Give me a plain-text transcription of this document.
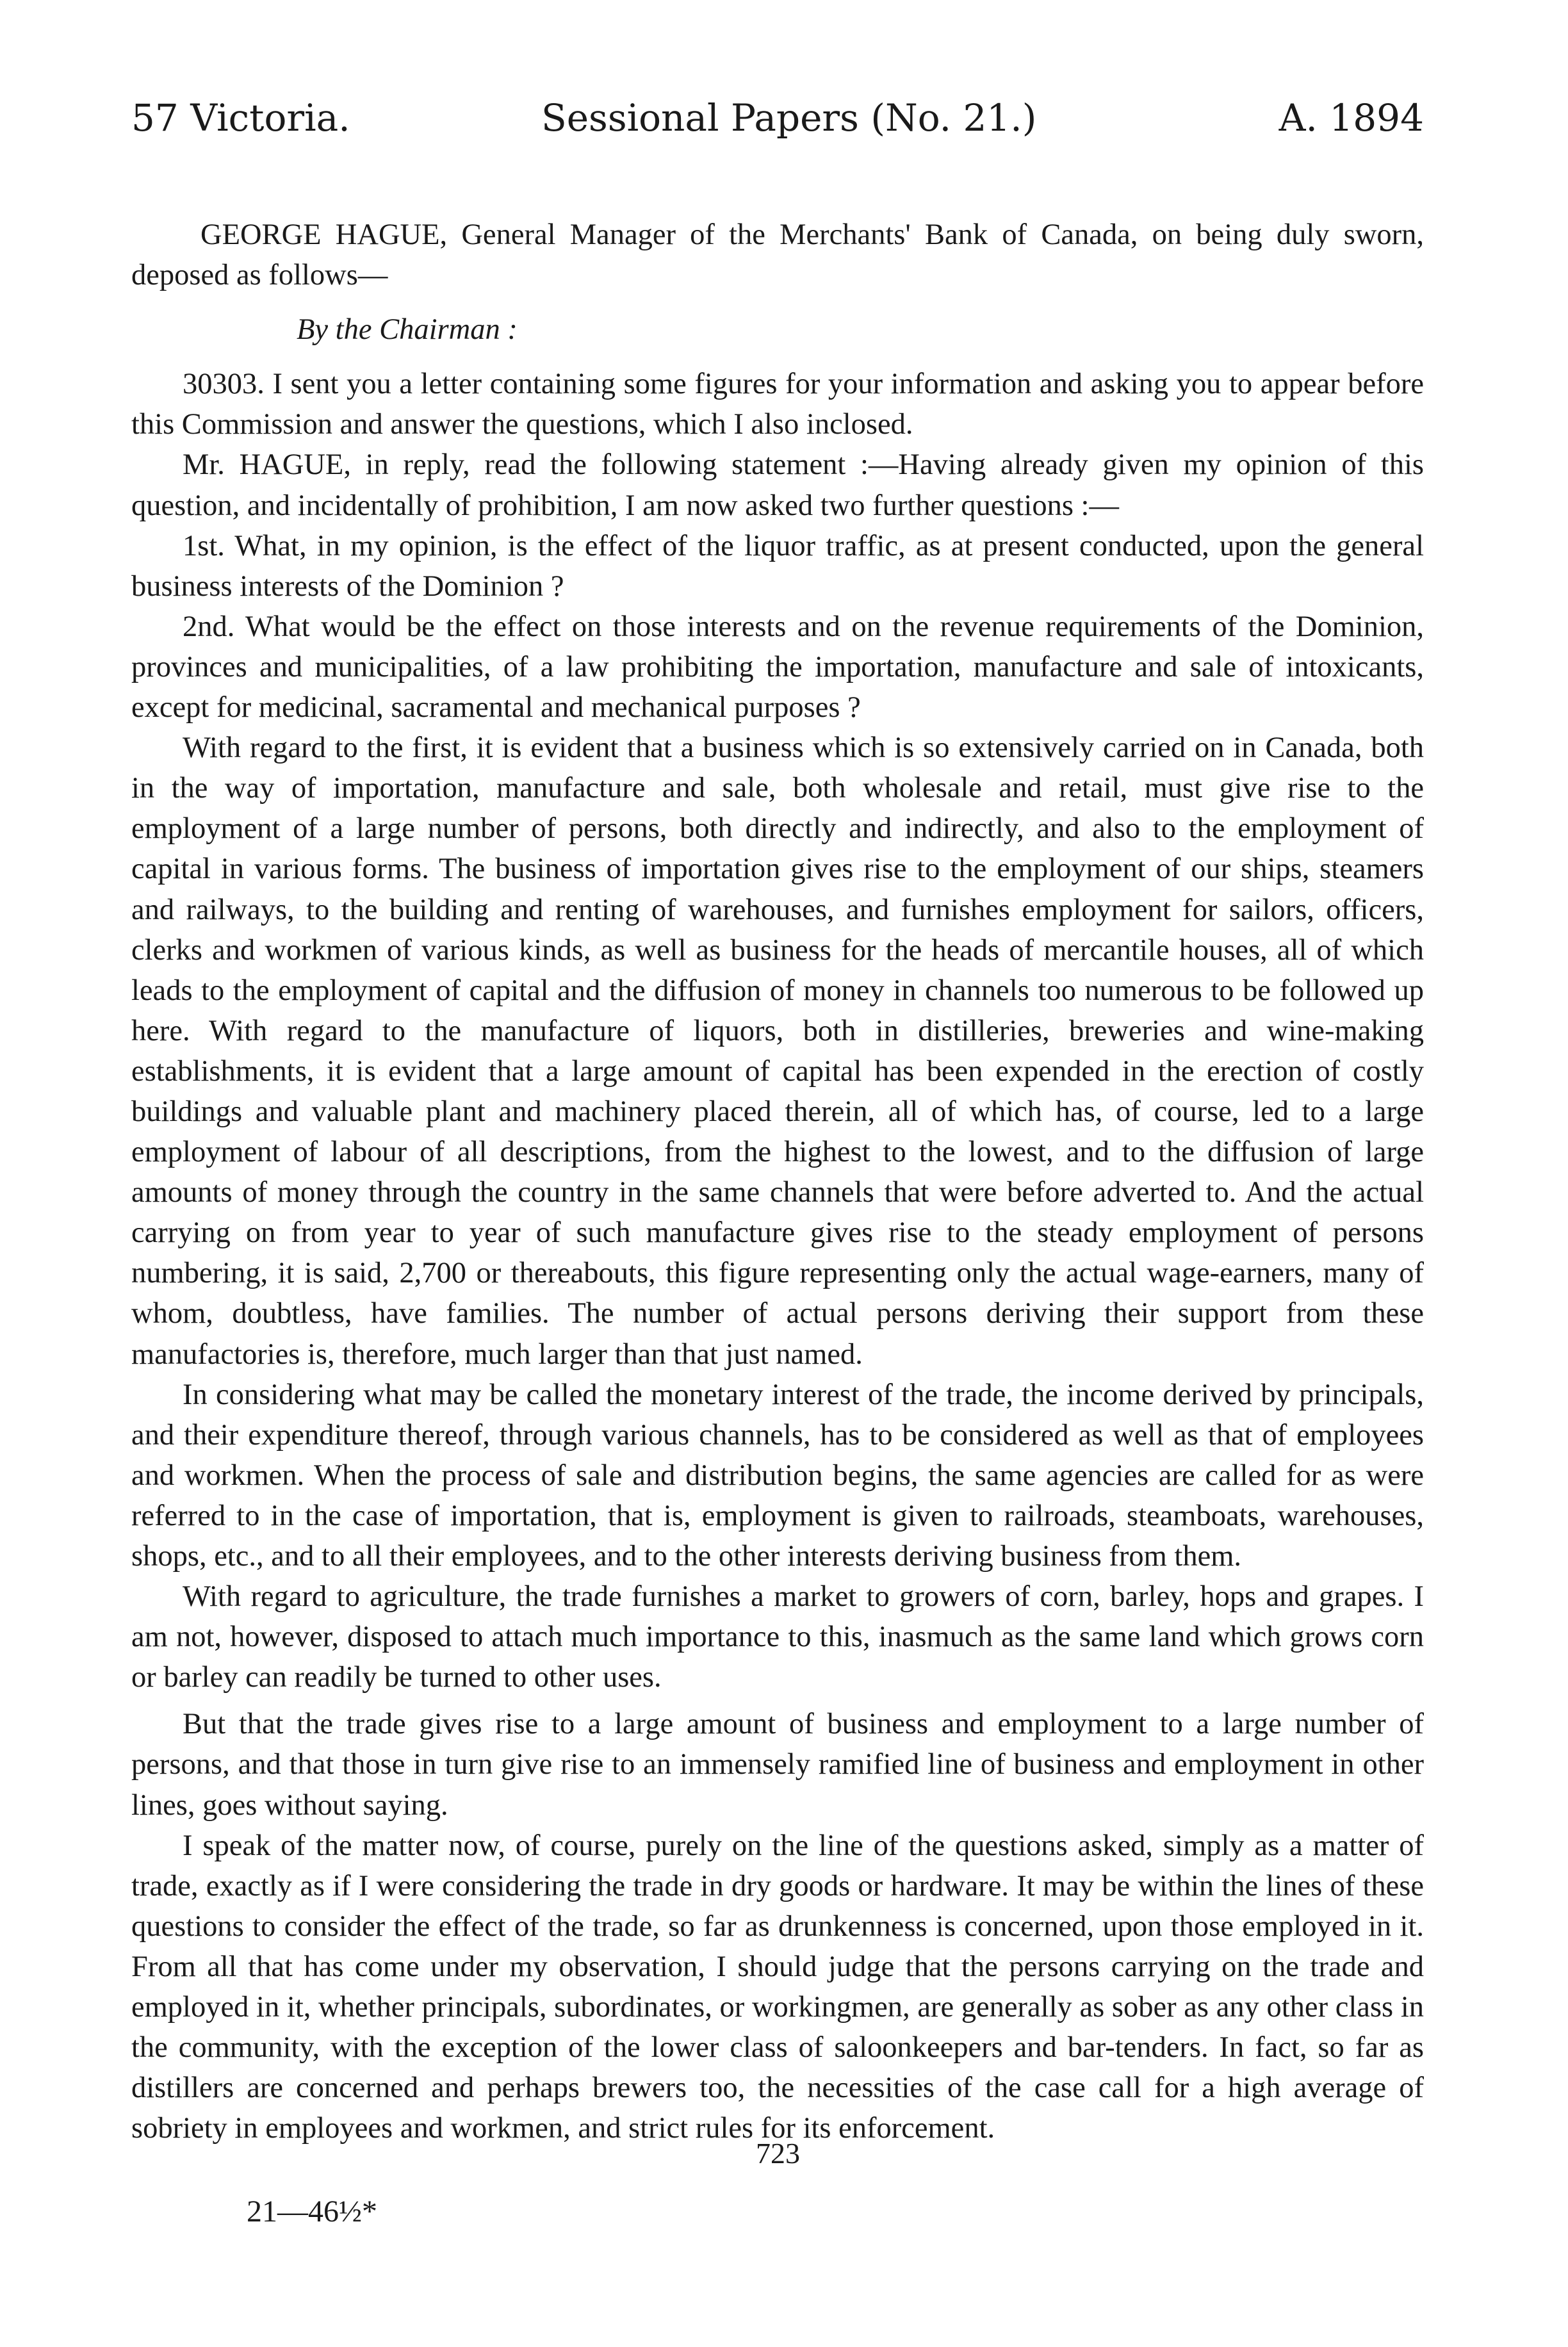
57 Victoria.	Sessional Papers (No. 21.)	A. 1894

GEORGE HAGUE, General Manager of the Merchants' Bank of Canada, on being duly sworn, deposed as follows—

By the Chairman :

30303. I sent you a letter containing some figures for your information and asking you to appear before this Commission and answer the questions, which I also inclosed.

Mr. HAGUE, in reply, read the following statement :—Having already given my opinion of this question, and incidentally of prohibition, I am now asked two further questions :—

1st. What, in my opinion, is the effect of the liquor traffic, as at present conducted, upon the general business interests of the Dominion ?

2nd. What would be the effect on those interests and on the revenue requirements of the Dominion, provinces and municipalities, of a law prohibiting the importation, manufacture and sale of intoxicants, except for medicinal, sacramental and mechanical purposes ?

With regard to the first, it is evident that a business which is so extensively carried on in Canada, both in the way of importation, manufacture and sale, both wholesale and retail, must give rise to the employment of a large number of persons, both directly and indirectly, and also to the employment of capital in various forms. The business of importation gives rise to the employment of our ships, steamers and railways, to the building and renting of warehouses, and furnishes employment for sailors, officers, clerks and workmen of various kinds, as well as business for the heads of mercantile houses, all of which leads to the employment of capital and the diffusion of money in channels too numerous to be followed up here. With regard to the manufacture of liquors, both in distilleries, breweries and wine-making establishments, it is evident that a large amount of capital has been expended in the erection of costly buildings and valuable plant and machinery placed therein, all of which has, of course, led to a large employment of labour of all descriptions, from the highest to the lowest, and to the diffusion of large amounts of money through the country in the same channels that were before adverted to. And the actual carrying on from year to year of such manufacture gives rise to the steady employment of persons numbering, it is said, 2,700 or thereabouts, this figure representing only the actual wage-earners, many of whom, doubtless, have families. The number of actual persons deriving their support from these manufactories is, therefore, much larger than that just named.

In considering what may be called the monetary interest of the trade, the income derived by principals, and their expenditure thereof, through various channels, has to be considered as well as that of employees and workmen. When the process of sale and distribution begins, the same agencies are called for as were referred to in the case of importation, that is, employment is given to railroads, steamboats, warehouses, shops, etc., and to all their employees, and to the other interests deriving business from them.

With regard to agriculture, the trade furnishes a market to growers of corn, barley, hops and grapes. I am not, however, disposed to attach much importance to this, inasmuch as the same land which grows corn or barley can readily be turned to other uses.

But that the trade gives rise to a large amount of business and employment to a large number of persons, and that those in turn give rise to an immensely ramified line of business and employment in other lines, goes without saying.

I speak of the matter now, of course, purely on the line of the questions asked, simply as a matter of trade, exactly as if I were considering the trade in dry goods or hardware. It may be within the lines of these questions to consider the effect of the trade, so far as drunkenness is concerned, upon those employed in it. From all that has come under my observation, I should judge that the persons carrying on the trade and employed in it, whether principals, subordinates, or workingmen, are generally as sober as any other class in the community, with the exception of the lower class of saloonkeepers and bar-tenders. In fact, so far as distillers are concerned and perhaps brewers too, the necessities of the case call for a high average of sobriety in employees and workmen, and strict rules for its enforcement.

723
21—46½*
